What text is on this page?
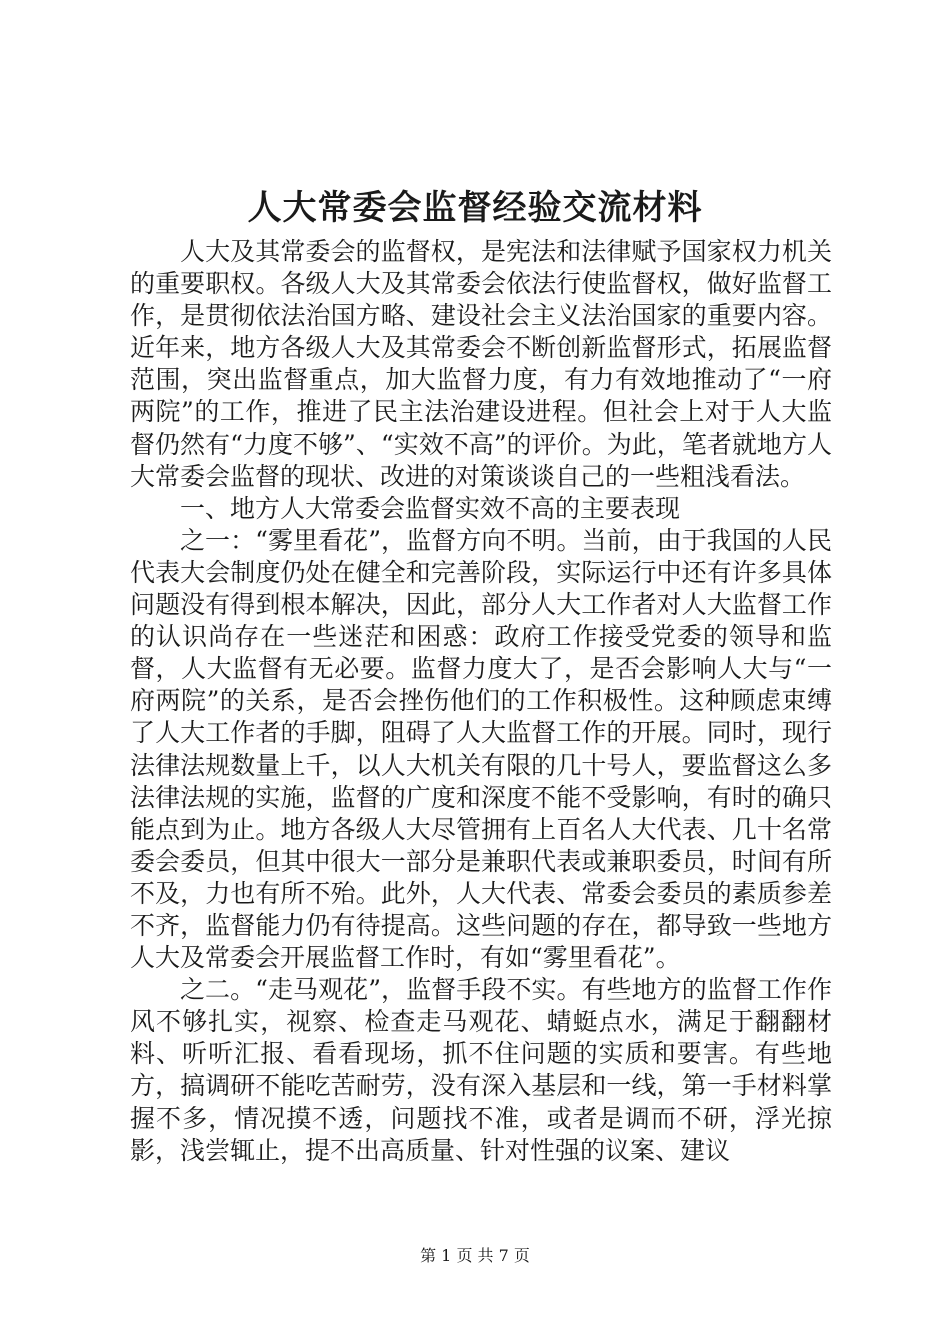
人大常委会监督经验交流材料

人大及其常委会的监督权，是宪法和法律赋予国家权力机关的重要职权。各级人大及其常委会依法行使监督权，做好监督工作，是贯彻依法治国方略、建设社会主义法治国家的重要内容。近年来，地方各级人大及其常委会不断创新监督形式，拓展监督范围，突出监督重点，加大监督力度，有力有效地推动了“一府两院”的工作，推进了民主法治建设进程。但社会上对于人大监督仍然有“力度不够”、“实效不高”的评价。为此，笔者就地方人大常委会监督的现状、改进的对策谈谈自己的一些粗浅看法。

一、地方人大常委会监督实效不高的主要表现

之一：“雾里看花”，监督方向不明。当前，由于我国的人民代表大会制度仍处在健全和完善阶段，实际运行中还有许多具体问题没有得到根本解决，因此，部分人大工作者对人大监督工作的认识尚存在一些迷茫和困惑：政府工作接受党委的领导和监督，人大监督有无必要。监督力度大了，是否会影响人大与“一府两院”的关系，是否会挫伤他们的工作积极性。这种顾虑束缚了人大工作者的手脚，阻碍了人大监督工作的开展。同时，现行法律法规数量上千，以人大机关有限的几十号人，要监督这么多法律法规的实施，监督的广度和深度不能不受影响，有时的确只能点到为止。地方各级人大尽管拥有上百名人大代表、几十名常委会委员，但其中很大一部分是兼职代表或兼职委员，时间有所不及，力也有所不殆。此外，人大代表、常委会委员的素质参差不齐，监督能力仍有待提高。这些问题的存在，都导致一些地方人大及常委会开展监督工作时，有如“雾里看花”。

之二。“走马观花”，监督手段不实。有些地方的监督工作作风不够扎实，视察、检查走马观花、蜻蜓点水，满足于翻翻材料、听听汇报、看看现场，抓不住问题的实质和要害。有些地方，搞调研不能吃苦耐劳，没有深入基层和一线，第一手材料掌握不多，情况摸不透，问题找不准，或者是调而不研，浮光掠影，浅尝辄止，提不出高质量、针对性强的议案、建议

第 1 页 共 7 页
